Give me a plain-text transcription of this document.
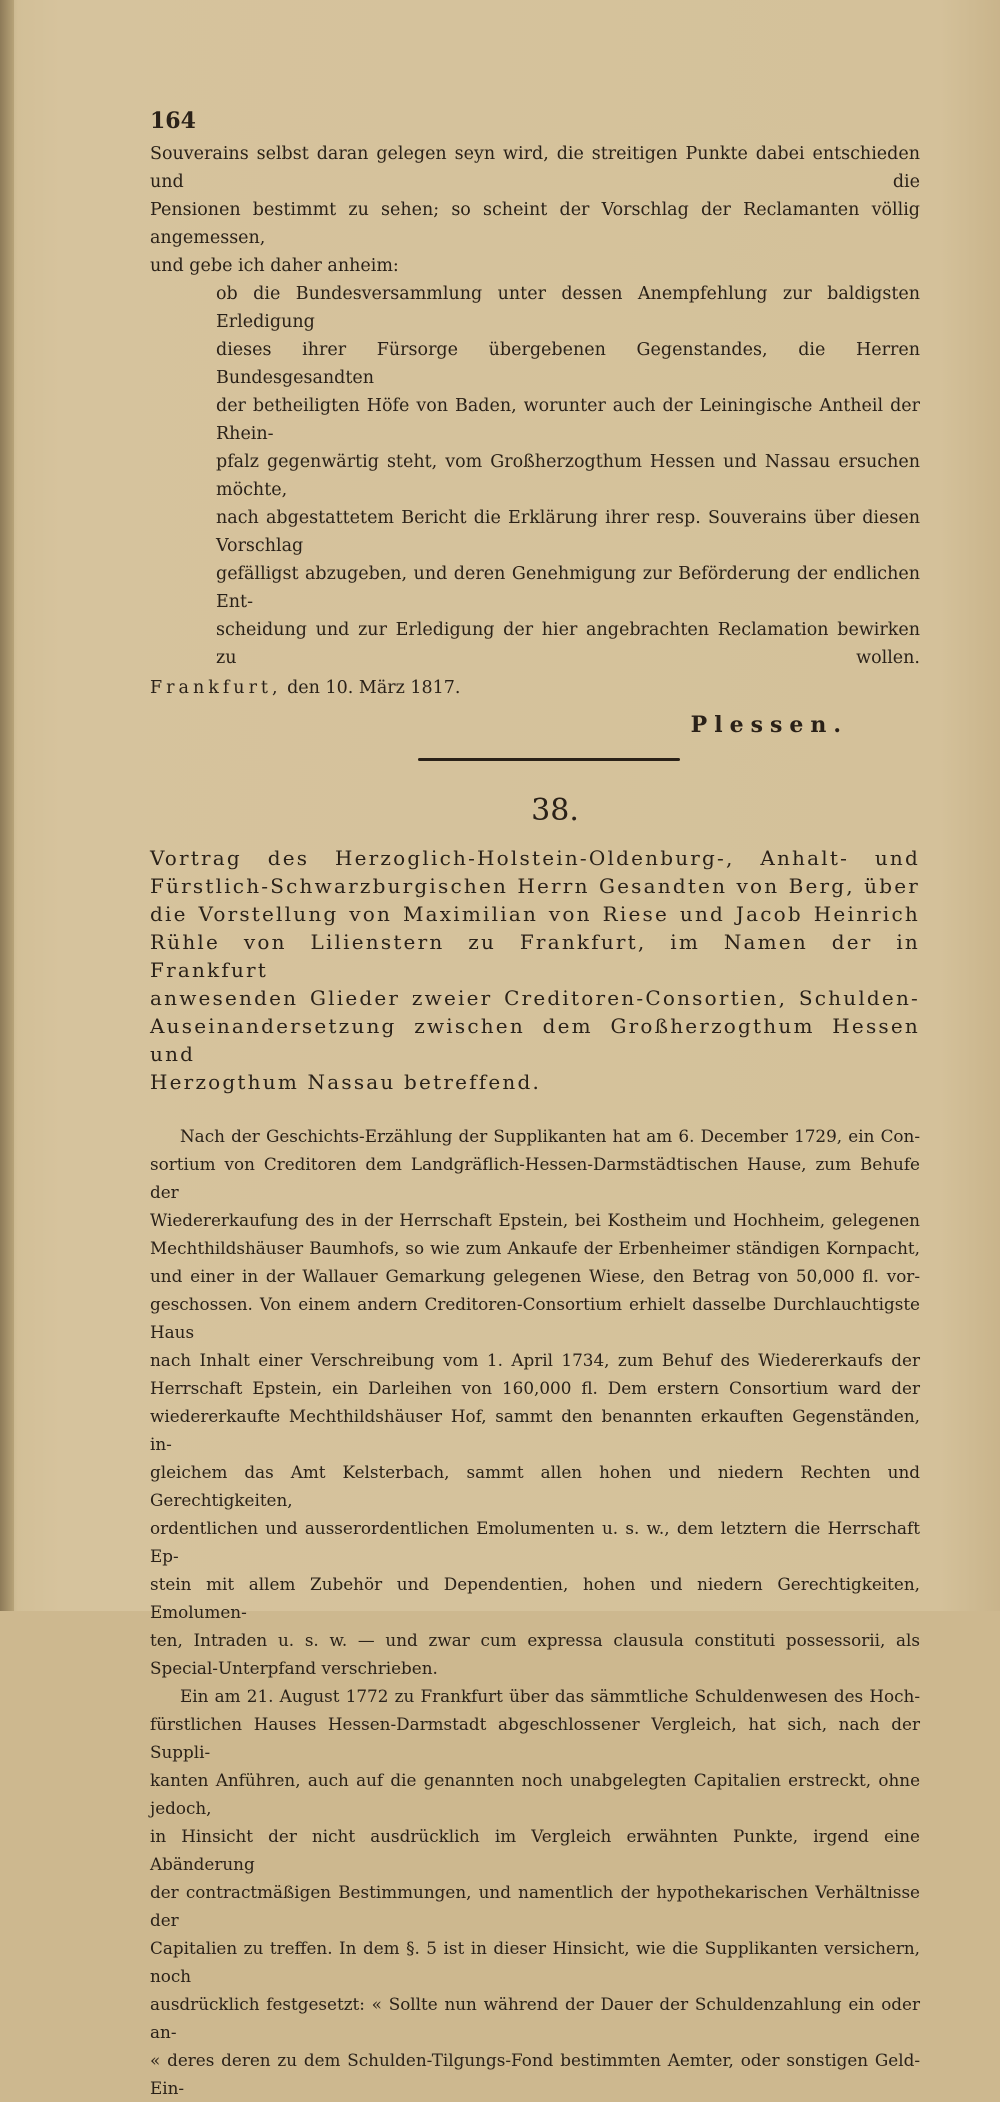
164
Souverains selbst daran gelegen seyn wird, die streitigen Punkte dabei entschieden und die
Pensionen bestimmt zu sehen; so scheint der Vorschlag der Reclamanten völlig angemessen,
und gebe ich daher anheim:
ob die Bundesversammlung unter dessen Anempfehlung zur baldigsten Erledigung
dieses ihrer Fürsorge übergebenen Gegenstandes, die Herren Bundesgesandten
der betheiligten Höfe von Baden, worunter auch der Leiningische Antheil der Rhein-
pfalz gegenwärtig steht, vom Großherzogthum Hessen und Nassau ersuchen möchte,
nach abgestattetem Bericht die Erklärung ihrer resp. Souverains über diesen Vorschlag
gefälligst abzugeben, und deren Genehmigung zur Beförderung der endlichen Ent-
scheidung und zur Erledigung der hier angebrachten Reclamation bewirken zu wollen.
Frankfurt, den 10. März 1817.
Plessen.
38.
Vortrag des Herzoglich-Holstein-Oldenburg-, Anhalt- und
Fürstlich-Schwarzburgischen Herrn Gesandten von Berg, über
die Vorstellung von Maximilian von Riese und Jacob Heinrich
Rühle von Lilienstern zu Frankfurt, im Namen der in Frankfurt
anwesenden Glieder zweier Creditoren-Consortien, Schulden-
Auseinandersetzung zwischen dem Großherzogthum Hessen und
Herzogthum Nassau betreffend.
Nach der Geschichts-Erzählung der Supplikanten hat am 6. December 1729, ein Con-
sortium von Creditoren dem Landgräflich-Hessen-Darmstädtischen Hause, zum Behufe der
Wiedererkaufung des in der Herrschaft Epstein, bei Kostheim und Hochheim, gelegenen
Mechthildshäuser Baumhofs, so wie zum Ankaufe der Erbenheimer ständigen Kornpacht,
und einer in der Wallauer Gemarkung gelegenen Wiese, den Betrag von 50,000 fl. vor-
geschossen. Von einem andern Creditoren-Consortium erhielt dasselbe Durchlauchtigste Haus
nach Inhalt einer Verschreibung vom 1. April 1734, zum Behuf des Wiedererkaufs der
Herrschaft Epstein, ein Darleihen von 160,000 fl. Dem erstern Consortium ward der
wiedererkaufte Mechthildshäuser Hof, sammt den benannten erkauften Gegenständen, in-
gleichem das Amt Kelsterbach, sammt allen hohen und niedern Rechten und Gerechtigkeiten,
ordentlichen und ausserordentlichen Emolumenten u. s. w., dem letztern die Herrschaft Ep-
stein mit allem Zubehör und Dependentien, hohen und niedern Gerechtigkeiten, Emolumen-
ten, Intraden u. s. w. — und zwar cum expressa clausula constituti possessorii, als
Special-Unterpfand verschrieben.
Ein am 21. August 1772 zu Frankfurt über das sämmtliche Schuldenwesen des Hoch-
fürstlichen Hauses Hessen-Darmstadt abgeschlossener Vergleich, hat sich, nach der Suppli-
kanten Anführen, auch auf die genannten noch unabgelegten Capitalien erstreckt, ohne jedoch,
in Hinsicht der nicht ausdrücklich im Vergleich erwähnten Punkte, irgend eine Abänderung
der contractmäßigen Bestimmungen, und namentlich der hypothekarischen Verhältnisse der
Capitalien zu treffen. In dem §. 5 ist in dieser Hinsicht, wie die Supplikanten versichern, noch
ausdrücklich festgesetzt: « Sollte nun während der Dauer der Schuldenzahlung ein oder an-
« deres deren zu dem Schulden-Tilgungs-Fond bestimmten Aemter, oder sonstigen Geld-Ein-
